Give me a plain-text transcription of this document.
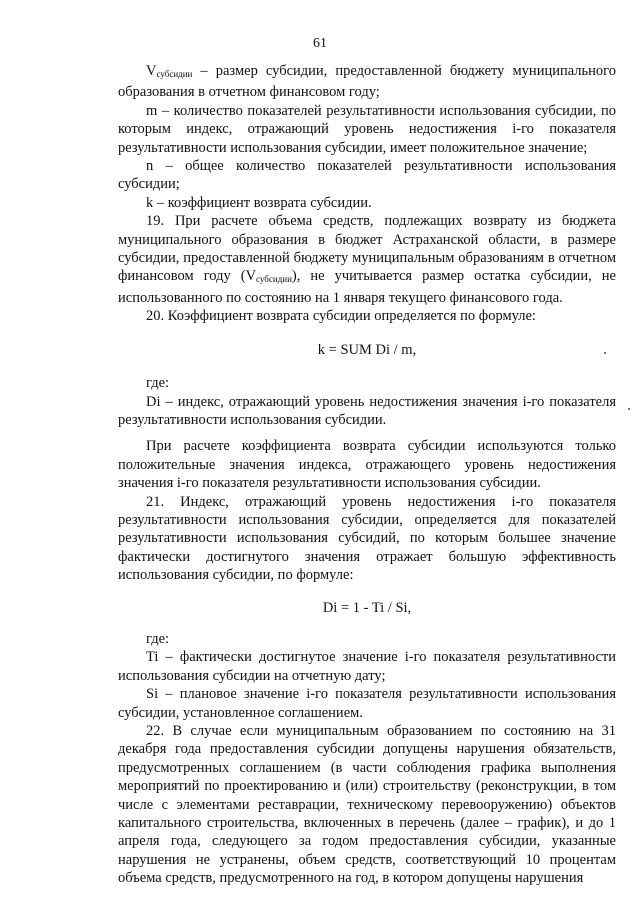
61

$V_{субсидии}$ – размер субсидии, предоставленной бюджету муниципального образования в отчетном финансовом году;

m – количество показателей результативности использования субсидии, по которым индекс, отражающий уровень недостижения i-го показателя результативности использования субсидии, имеет положительное значение;

n – общее количество показателей результативности использования субсидии;

k – коэффициент возврата субсидии.

19. При расчете объема средств, подлежащих возврату из бюджета муниципального образования в бюджет Астраханской области, в размере субсидии, предоставленной бюджету муниципальным образованиям в отчетном финансовом году $(V_{субсидии})$, не учитывается размер остатка субсидии, не использованного по состоянию на 1 января текущего финансового года.

20. Коэффициент возврата субсидии определяется по формуле:

k = SUM Di / m,

где:

Di – индекс, отражающий уровень недостижения значения i-го показателя результативности использования субсидии.

При расчете коэффициента возврата субсидии используются только положительные значения индекса, отражающего уровень недостижения значения i-го показателя результативности использования субсидии.

21. Индекс, отражающий уровень недостижения i-го показателя результативности использования субсидии, определяется для показателей результативности использования субсидий, по которым большее значение фактически достигнутого значения отражает большую эффективность использования субсидии, по формуле:

Di = 1 - Ti / Si,

где:

Ti – фактически достигнутое значение i-го показателя результативности использования субсидии на отчетную дату;

Si – плановое значение i-го показателя результативности использования субсидии, установленное соглашением.

22. В случае если муниципальным образованием по состоянию на 31 декабря года предоставления субсидии допущены нарушения обязательств, предусмотренных соглашением (в части соблюдения графика выполнения мероприятий по проектированию и (или) строительству (реконструкции, в том числе с элементами реставрации, техническому перевооружению) объектов капитального строительства, включенных в перечень (далее – график), и до 1 апреля года, следующего за годом предоставления субсидии, указанные нарушения не устранены, объем средств, соответствующий 10 процентам объема средств, предусмотренного на год, в котором допущены нарушения
